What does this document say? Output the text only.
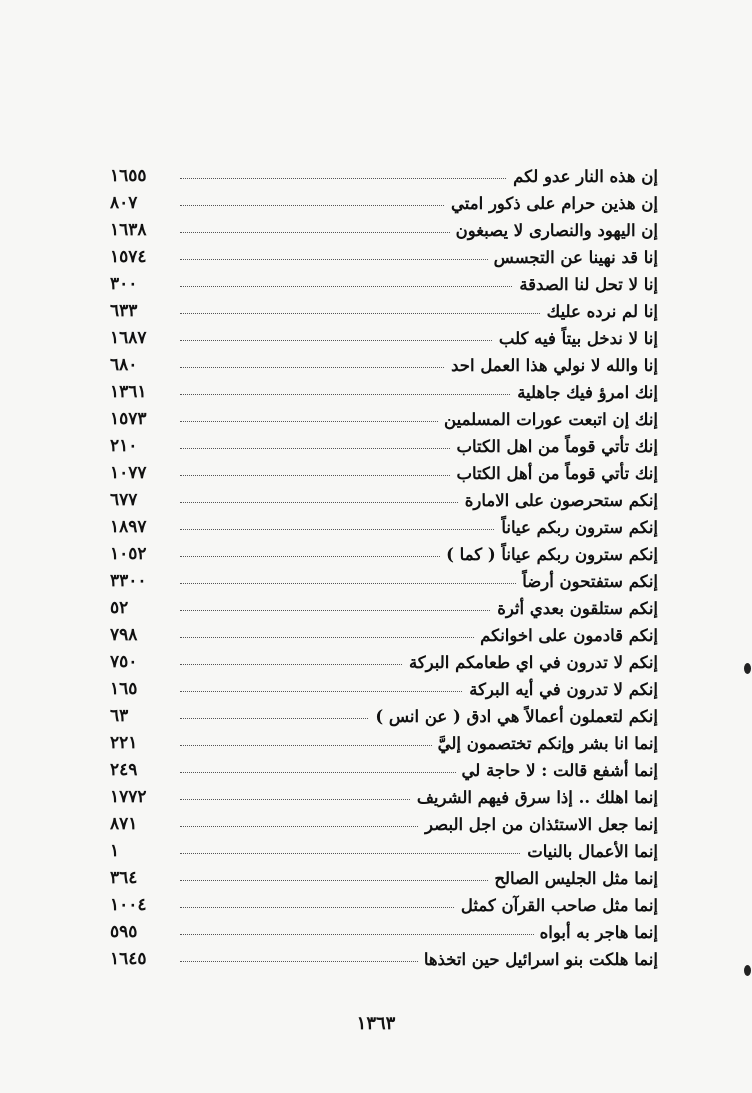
إن هذه النار عدو لكم
١٦٥٥
إن هذين حرام على ذكور امتي
٨٠٧
إن اليهود والنصارى لا يصبغون
١٦٣٨
إنا قد نهينا عن التجسس
١٥٧٤
إنا لا تحل لنا الصدقة
٣٠٠
إنا لم نرده عليك
٦٣٣
إنا لا ندخل بيتاً فيه كلب
١٦٨٧
إنا والله لا نولي هذا العمل احد
٦٨٠
إنك امرؤ فيك جاهلية
١٣٦١
إنك إن اتبعت عورات المسلمين
١٥٧٣
إنك تأتي قوماً من اهل الكتاب
٢١٠
إنك تأتي قوماً من أهل الكتاب
١٠٧٧
إنكم ستحرصون على الامارة
٦٧٧
إنكم سترون ربكم عياناً
١٨٩٧
إنكم سترون ربكم عياناً ( كما )
١٠٥٢
إنكم ستفتحون أرضاً
٣٣٠٠
إنكم ستلقون بعدي أثرة
٥٢
إنكم قادمون على اخوانكم
٧٩٨
إنكم لا تدرون في اي طعامكم البركة
٧٥٠
إنكم لا تدرون في أيه البركة
١٦٥
إنكم لتعملون أعمالاً هي ادق ( عن انس )
٦٣
إنما انا بشر وإنكم تختصمون إليَّ
٢٢١
إنما أشفع قالت : لا حاجة لي
٢٤٩
إنما اهلك .. إذا سرق فيهم الشريف
١٧٧٢
إنما جعل الاستئذان من اجل البصر
٨٧١
إنما الأعمال بالنيات
١
إنما مثل الجليس الصالح
٣٦٤
إنما مثل صاحب القرآن كمثل
١٠٠٤
إنما هاجر به أبواه
٥٩٥
إنما هلكت بنو اسرائيل حين اتخذها
١٦٤٥
١٣٦٣
